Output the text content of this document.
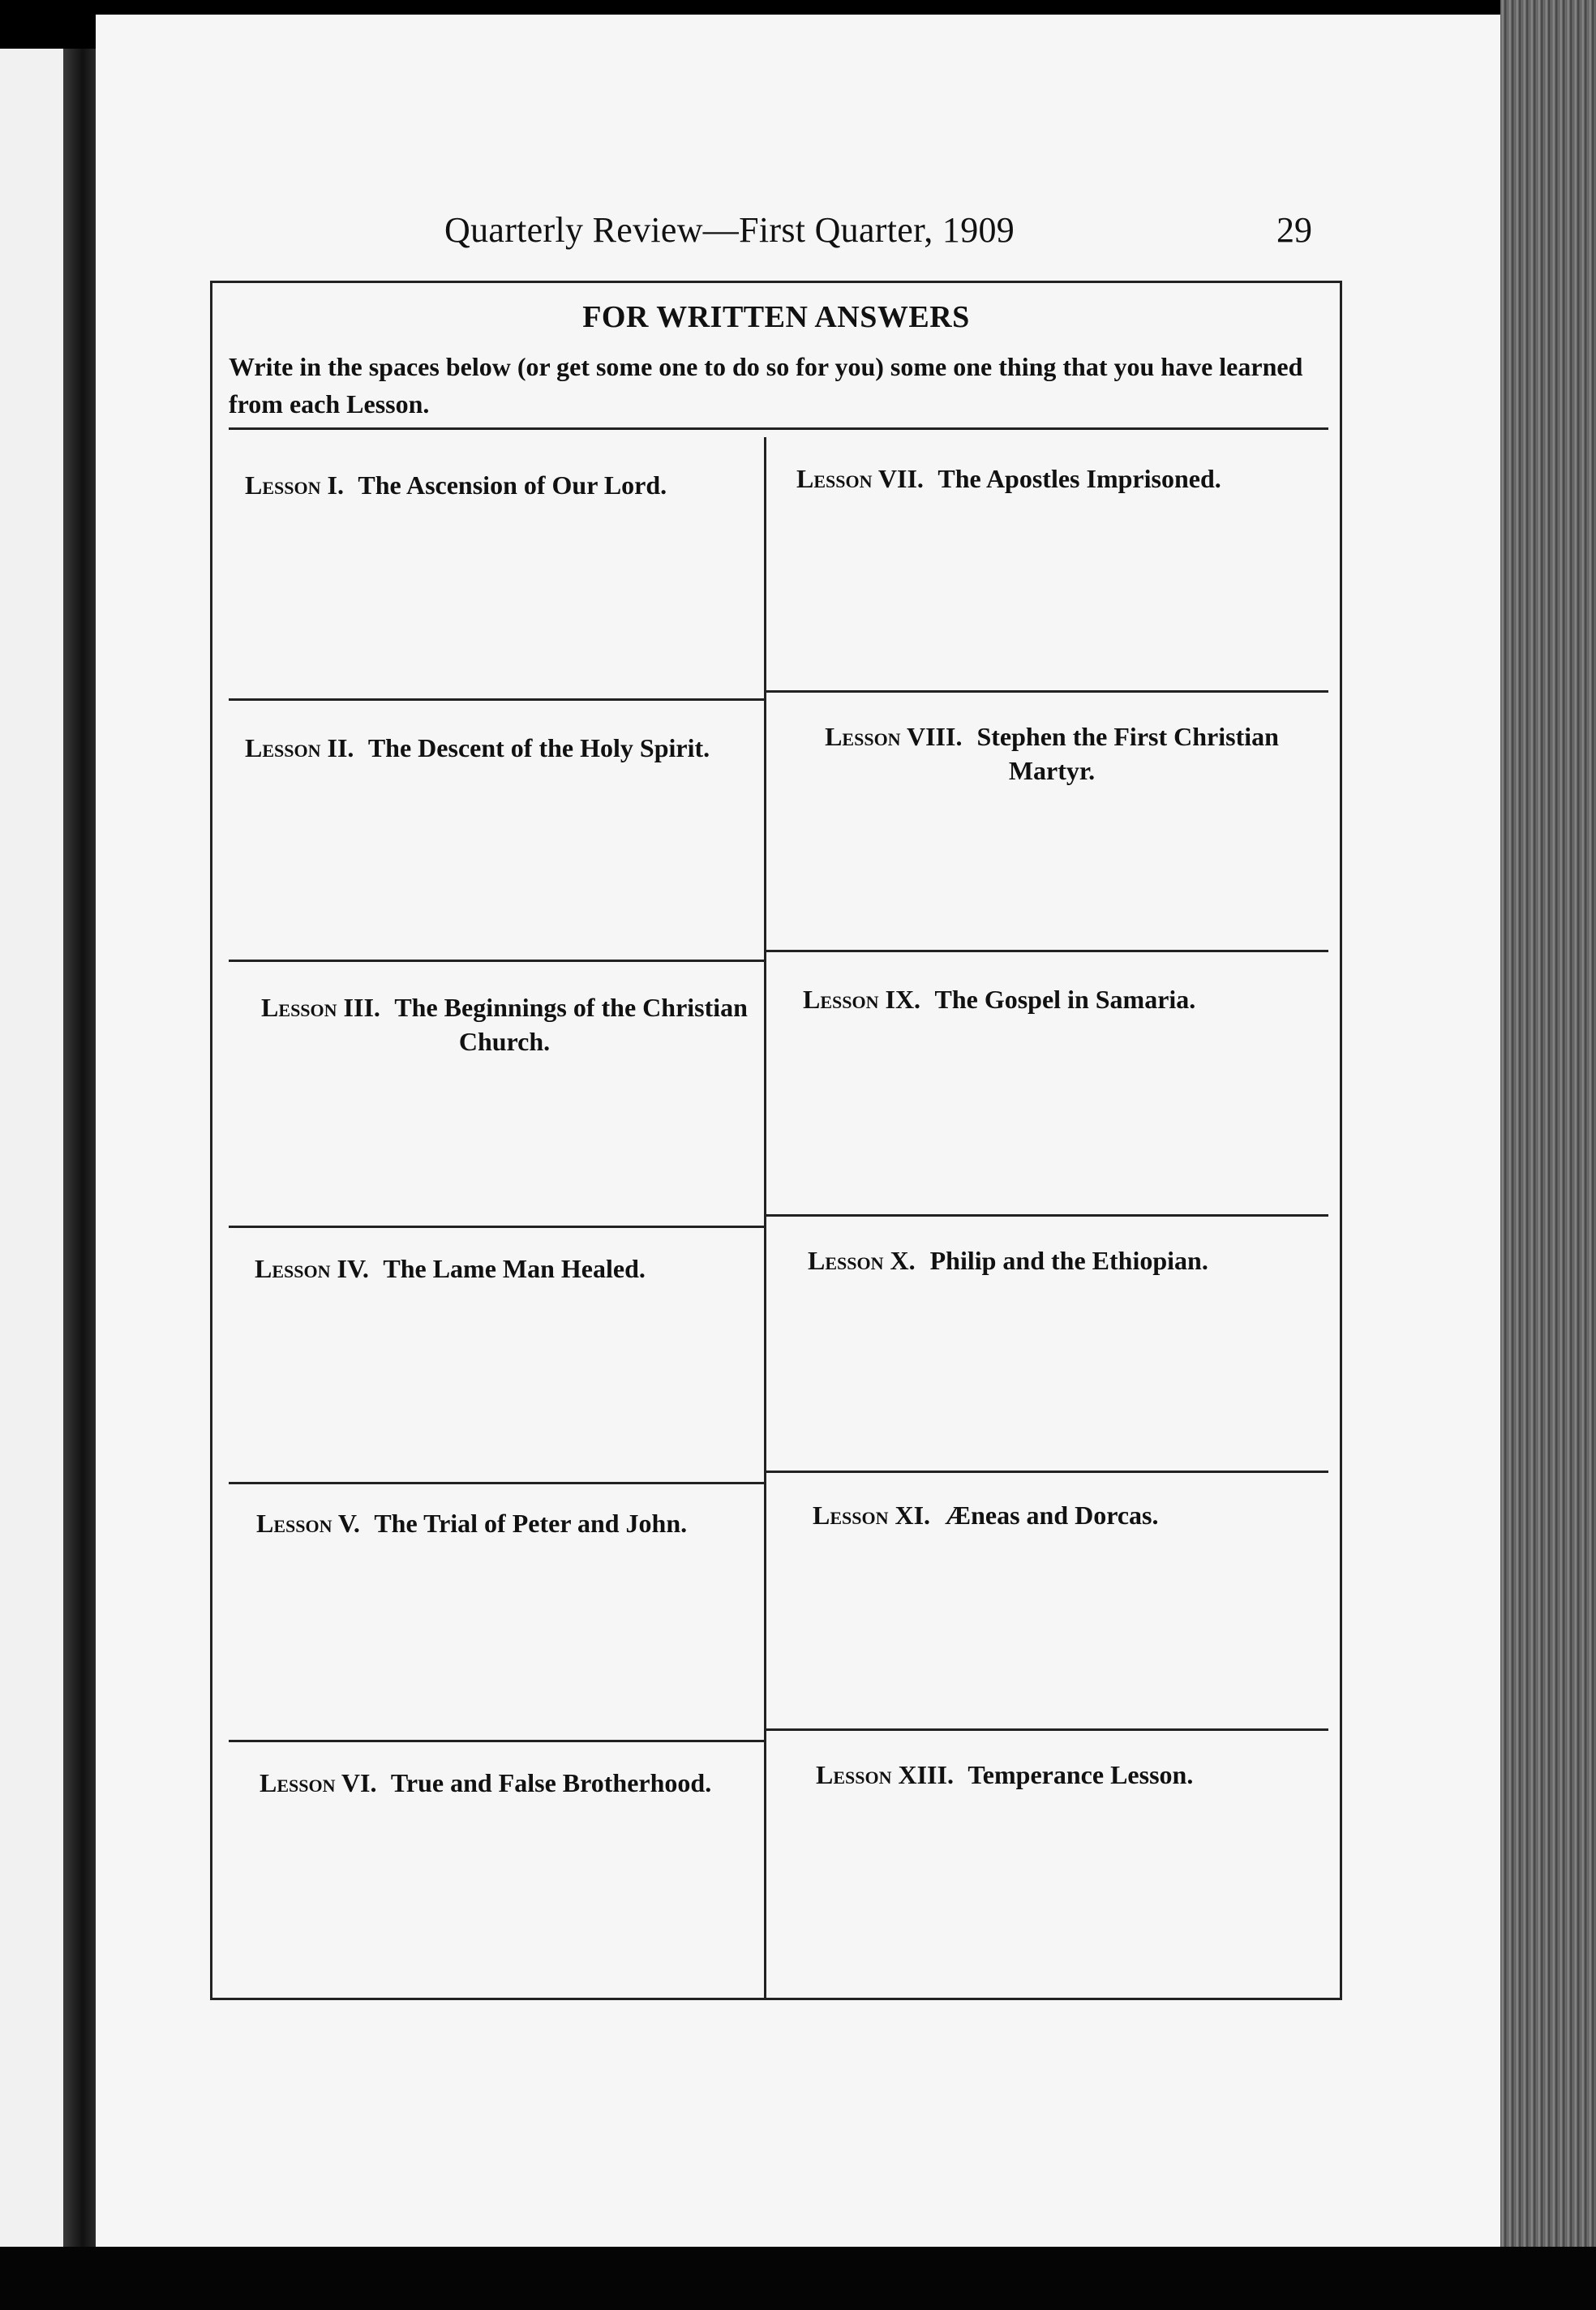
Quarterly Review—First Quarter, 1909	29
FOR WRITTEN ANSWERS
Write in the spaces below (or get some one to do so for you) some one thing that you have learned from each Lesson.
Lesson I. The Ascension of Our Lord.
Lesson II. The Descent of the Holy Spirit.
Lesson III. The Beginnings of the Christian Church.
Lesson IV. The Lame Man Healed.
Lesson V. The Trial of Peter and John.
Lesson VI. True and False Brotherhood.
Lesson VII. The Apostles Imprisoned.
Lesson VIII. Stephen the First Christian Martyr.
Lesson IX. The Gospel in Samaria.
Lesson X. Philip and the Ethiopian.
Lesson XI. Æneas and Dorcas.
Lesson XIII. Temperance Lesson.
